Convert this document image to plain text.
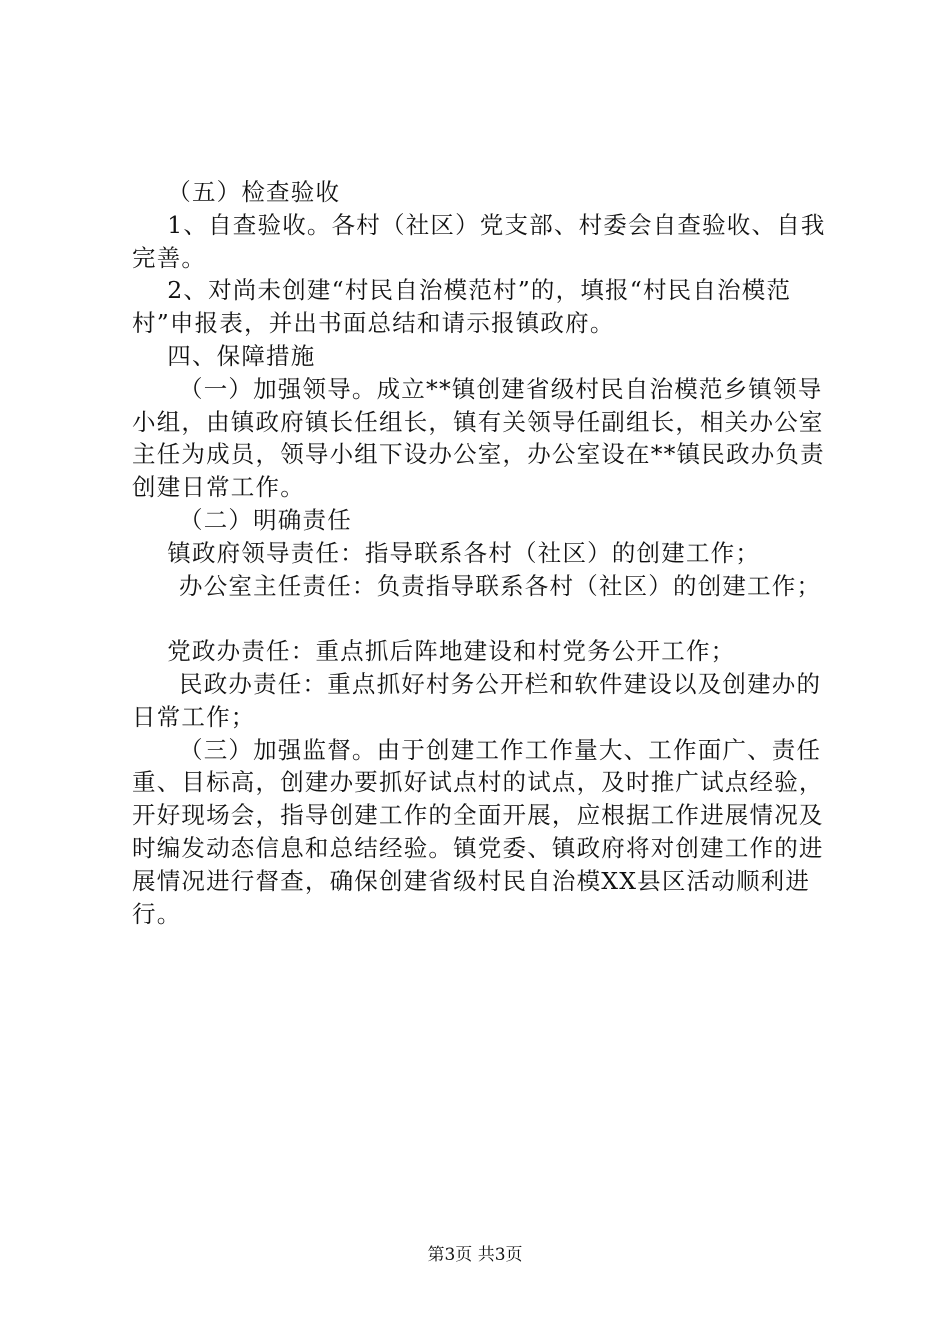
（五）检查验收

1、自查验收。各村（社区）党支部、村委会自查验收、自我完善。

2、对尚未创建“村民自治模范村”的，填报“村民自治模范村”申报表，并出书面总结和请示报镇政府。

四、保障措施

（一）加强领导。成立**镇创建省级村民自治模范乡镇领导小组，由镇政府镇长任组长，镇有关领导任副组长，相关办公室主任为成员，领导小组下设办公室，办公室设在**镇民政办负责创建日常工作。

（二）明确责任

镇政府领导责任：指导联系各村（社区）的创建工作；

办公室主任责任：负责指导联系各村（社区）的创建工作；

党政办责任：重点抓后阵地建设和村党务公开工作；

民政办责任：重点抓好村务公开栏和软件建设以及创建办的日常工作；

（三）加强监督。由于创建工作工作量大、工作面广、责任重、目标高，创建办要抓好试点村的试点，及时推广试点经验，开好现场会，指导创建工作的全面开展，应根据工作进展情况及时编发动态信息和总结经验。镇党委、镇政府将对创建工作的进展情况进行督查，确保创建省级村民自治模XX县区活动顺利进行。

第3页 共3页
